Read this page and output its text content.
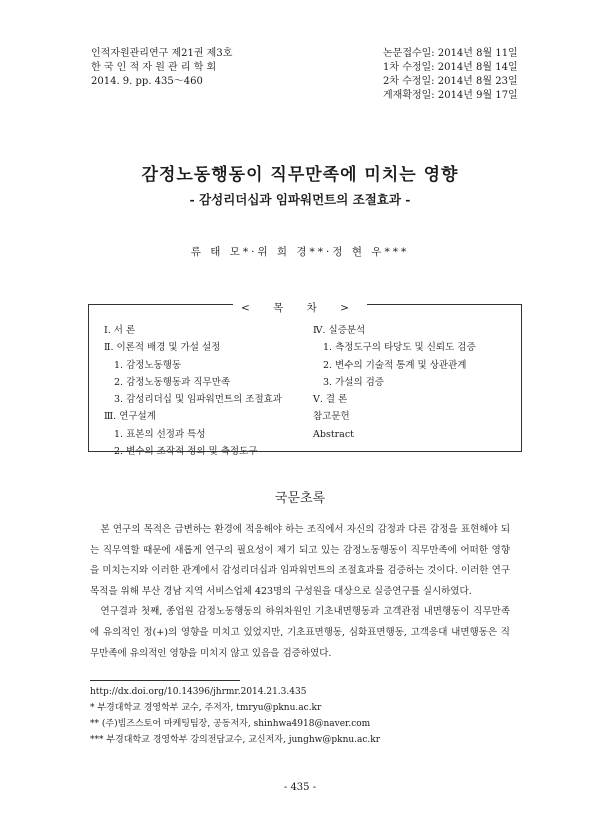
인적자원관리연구 제21권 제3호
한 국 인 적 자 원 관 리 학 회
2014. 9. pp. 435～460
논문접수일: 2014년 8월 11일
1차 수정일: 2014년 8월 14일
2차 수정일: 2014년 8월 23일
게재확정일: 2014년 9월 17일
감정노동행동이 직무만족에 미치는 영향
- 감성리더십과 임파워먼트의 조절효과 -
류 태 모*·위 희 경**·정 현 우***
< 목 차 >
Ⅰ. 서 론
Ⅱ. 이론적 배경 및 가설 설정
1. 감정노동행동
2. 감정노동행동과 직무만족
3. 감성리더십 및 임파워먼트의 조절효과
Ⅲ. 연구설계
1. 표본의 선정과 특성
2. 변수의 조작적 정의 및 측정도구
Ⅳ. 실증분석
1. 측정도구의 타당도 및 신뢰도 검증
2. 변수의 기술적 통계 및 상관관계
3. 가설의 검증
Ⅴ. 결 론
참고문헌
Abstract
국문초록

본 연구의 목적은 급변하는 환경에 적응해야 하는 조직에서 자신의 감정과 다른 감정을 표현해야 되는 직무역할 때문에 새롭게 연구의 필요성이 제기 되고 있는 감정노동행동이 직무만족에 어떠한 영향을 미치는지와 이러한 관계에서 감성리더십과 임파워먼트의 조절효과를 검증하는 것이다. 이러한 연구 목적을 위해 부산 경남 지역 서비스업체 423명의 구성원을 대상으로 실증연구를 실시하였다.

연구결과 첫째, 종업원 감정노동행동의 하위차원인 기초내면행동과 고객관점 내면행동이 직무만족에 유의적인 정(+)의 영향을 미치고 있었지만, 기초표면행동, 심화표면행동, 고객응대 내면행동은 직무만족에 유의적인 영향을 미치지 않고 있음을 검증하였다.

http://dx.doi.org/10.14396/jhrmr.2014.21.3.435
* 부경대학교 경영학부 교수, 주저자, tmryu@pknu.ac.kr
** (주)빔즈스토어 마케팅팀장, 공동저자, shinhwa4918@naver.com
*** 부경대학교 경영학부 강의전담교수, 교신저자, junghw@pknu.ac.kr
- 435 -
